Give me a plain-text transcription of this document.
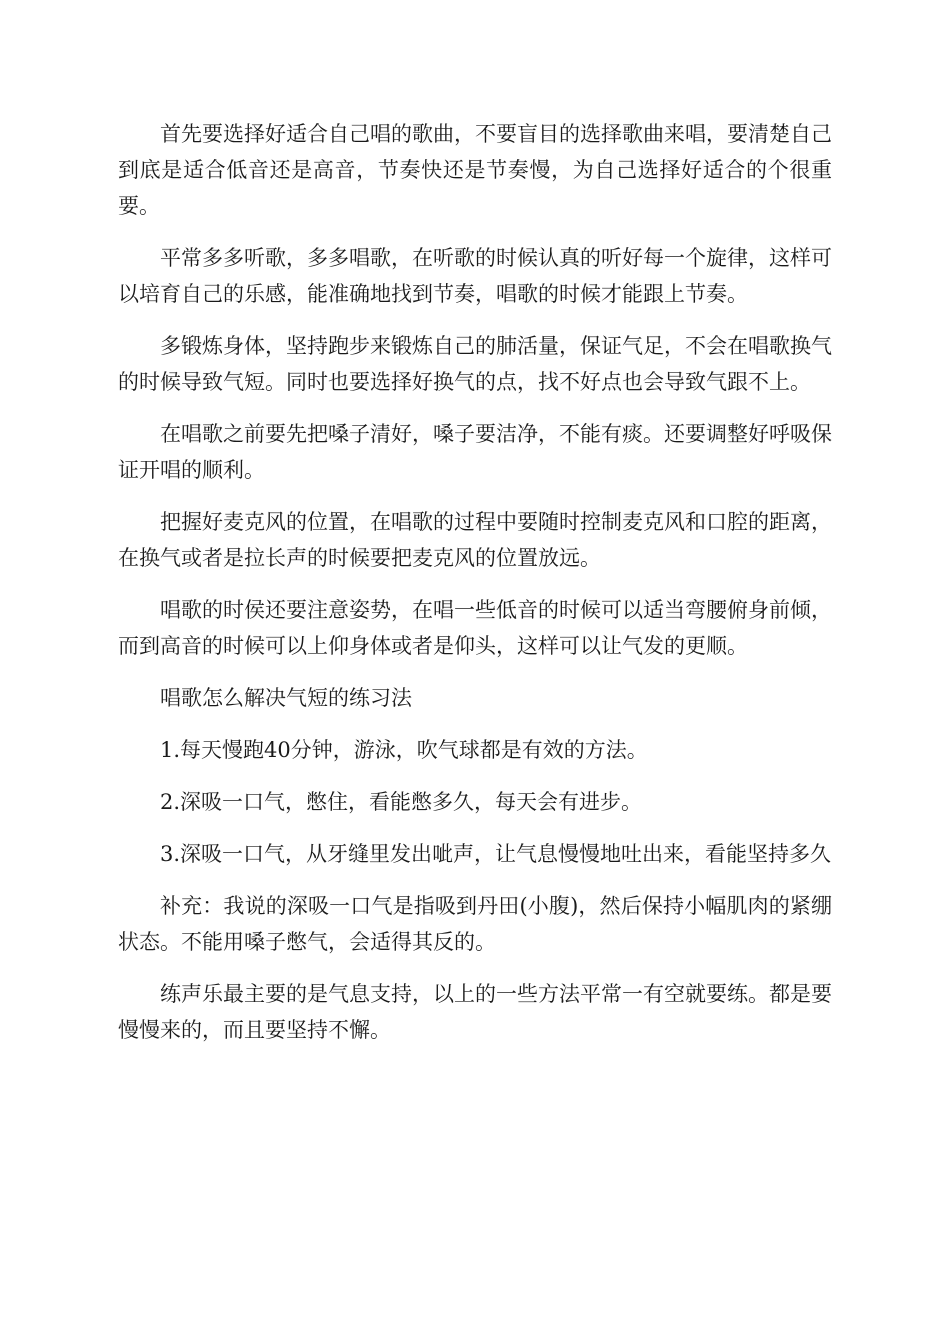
首先要选择好适合自己唱的歌曲，不要盲目的选择歌曲来唱，要清楚自己到底是适合低音还是高音，节奏快还是节奏慢，为自己选择好适合的个很重要。

平常多多听歌，多多唱歌，在听歌的时候认真的听好每一个旋律，这样可以培育自己的乐感，能准确地找到节奏，唱歌的时候才能跟上节奏。

多锻炼身体，坚持跑步来锻炼自己的肺活量，保证气足，不会在唱歌换气的时候导致气短。同时也要选择好换气的点，找不好点也会导致气跟不上。

在唱歌之前要先把嗓子清好，嗓子要洁净，不能有痰。还要调整好呼吸保证开唱的顺利。

把握好麦克风的位置，在唱歌的过程中要随时控制麦克风和口腔的距离，在换气或者是拉长声的时候要把麦克风的位置放远。

唱歌的时侯还要注意姿势，在唱一些低音的时候可以适当弯腰俯身前倾，而到高音的时候可以上仰身体或者是仰头，这样可以让气发的更顺。

唱歌怎么解决气短的练习法

1.每天慢跑40分钟，游泳，吹气球都是有效的方法。

2.深吸一口气，憋住，看能憋多久，每天会有进步。

3.深吸一口气，从牙缝里发出呲声，让气息慢慢地吐出来，看能坚持多久

补充：我说的深吸一口气是指吸到丹田(小腹)，然后保持小幅肌肉的紧绷状态。不能用嗓子憋气，会适得其反的。

练声乐最主要的是气息支持，以上的一些方法平常一有空就要练。都是要慢慢来的，而且要坚持不懈。
